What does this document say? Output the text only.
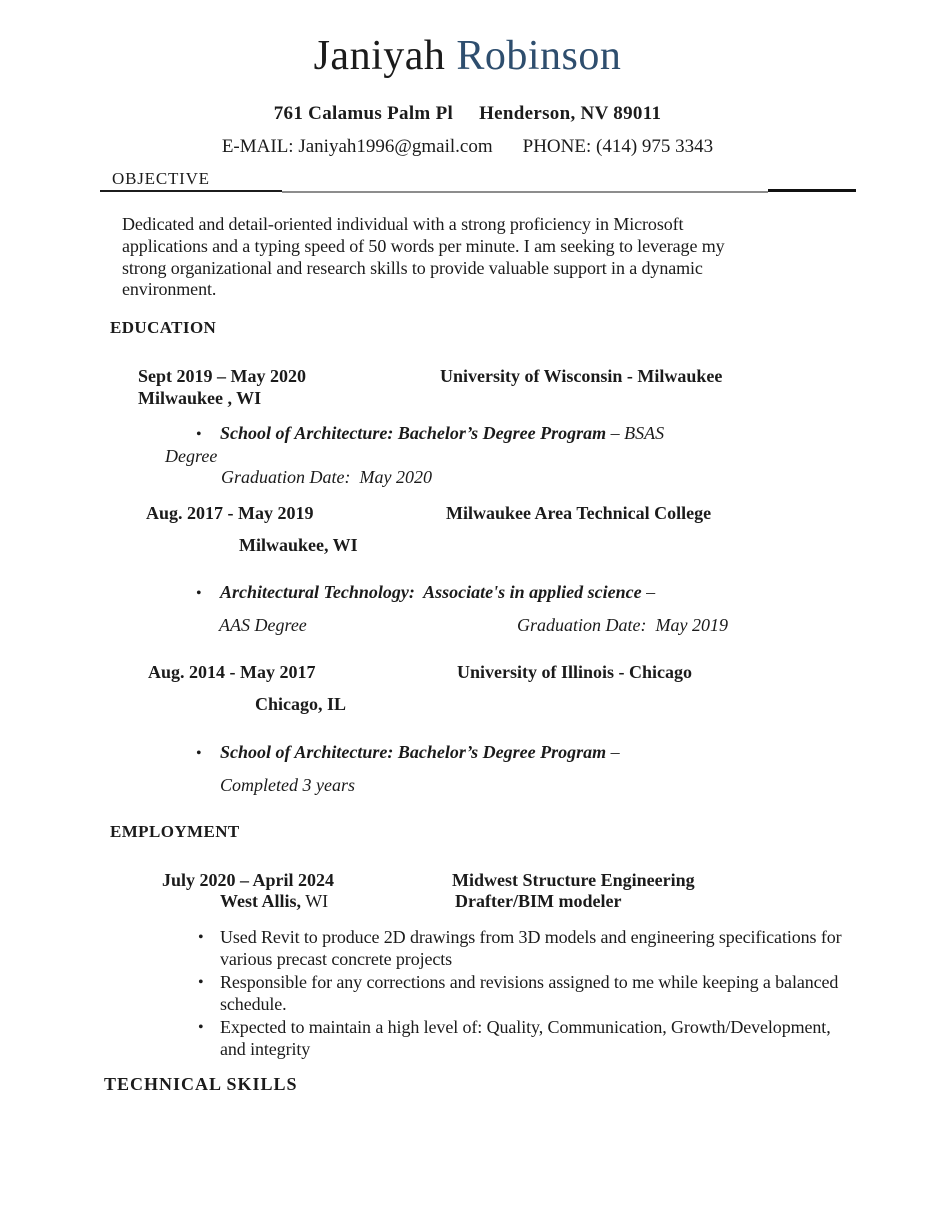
Janiyah Robinson
761 Calamus Palm Pl Henderson, NV 89011
E-MAIL: Janiyah1996@gmail.com PHONE: (414) 975 3343
OBJECTIVE

Dedicated and detail-oriented individual with a strong proficiency in Microsoft applications and a typing speed of 50 words per minute. I am seeking to leverage my strong organizational and research skills to provide valuable support in a dynamic environment.

EDUCATION
Sept 2019 – May 2020	University of Wisconsin - Milwaukee
Milwaukee , WI
• School of Architecture: Bachelor’s Degree Program – BSAS
Degree
Graduation Date:  May 2020
Aug. 2017 - May 2019	Milwaukee Area Technical College
Milwaukee, WI
• Architectural Technology:  Associate's in applied science –
AAS Degree	Graduation Date:  May 2019
Aug. 2014 - May 2017	University of Illinois - Chicago
Chicago, IL
• School of Architecture: Bachelor’s Degree Program –
Completed 3 years
EMPLOYMENT
July 2020 – April 2024	Midwest Structure Engineering
West Allis, WI	Drafter/BIM modeler
• Used Revit to produce 2D drawings from 3D models and engineering specifications for various precast concrete projects
• Responsible for any corrections and revisions assigned to me while keeping a balanced schedule.
• Expected to maintain a high level of: Quality, Communication, Growth/Development, and integrity
TECHNICAL SKILLS
